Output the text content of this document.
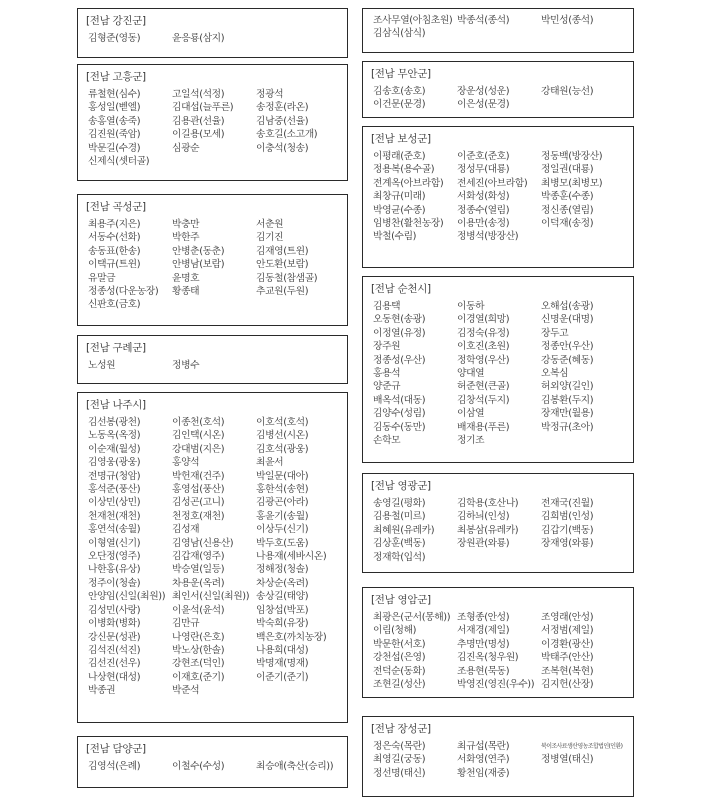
[전남 강진군]
김형준(영동)	윤응룡(삼지)
[전남 고흥군]
류철현(심수)	고일석(석정)	정광석
홍성일(벧엘)	김대섭(늘푸른)	송정훈(라온)
송홍열(송죽)	김용관(선율)	김남중(선율)
김진원(죽암)	이길용(모세)	송호길(소고개)
박문길(수경)	심광순	이충석(청송)
신제식(셋터골)
[전남 곡성군]
최용주(지은)	박충만	서춘원
서동수(선화)	박한주	김기진
송동표(한송)	안병춘(동춘)	김재영(트윈)
이택규(트윈)	안병남(보람)	안도환(보람)
유말금	윤명호	김동철(참샘골)
정종성(다운농장)	황종태	추교원(두원)
신판호(금호)
[전남 구례군]
노성원	정병수
[전남 나주시]
김선봉(광천)	이종천(호석)	이호석(호석)
노동옥(옥정)	김인택(시온)	김병선(시온)
이순재(월성)	강대범(지은)	김호석(광웅)
김영웅(광웅)	홍양석	최윤서
전명규(청암)	박헌재(건주)	박일문(대아)
홍석준(풍산)	홍영섭(풍산)	홍한석(송현)
이상민(상민)	김성곤(고니)	김광곤(아라)
천재천(재천)	천정호(재천)	홍윤기(송월)
홍연석(송월)	김성재	이상두(신기)
이형열(신기)	김영남(신용산)	박두호(도움)
오단정(영주)	김갑재(영주)	나용재(세바시온)
나한홍(유상)	박승열(일등)	정해정(청솔)
정주이(청솔)	차용운(옥려)	차상순(옥려)
안양임(신일(최원)) 최인서(신일(최원)) 송상길(태양)
김성민(사랑)	이윤석(윤석)	임창섭(박포)
이병화(병화)	김만규	박숙희(유장)
강신문(성관)	나영란(은호)	백은호(까치농장)
김석진(석진)	박노상(한솔)	나용희(대성)
김선진(선우)	강현조(덕인)	박명재(명재)
나상현(대성)	이재호(준기)	이준기(준기)
박종권	박준석
[전남 담양군]
김영석(은례)	이철수(수성)	최승애(축산(승리))
조사무열(아침초원) 박종석(종석)	박민성(종석)
김삼식(삼식)
[전남 무안군]
김송호(송호)	장운성(성운)	강태원(능선)
이건문(문경)	이은성(문경)
[전남 보성군]
이평래(준호)	이준호(준호)	정동백(방장산)
정용복(용수골)	정성무(대룡)	정일권(대룡)
전계옥(아브라함)	전세진(아브라함)	최병모(최병모)
최창규(미래)	서화성(화성)	박종훈(수종)
박영균(수종)	정종수(열림)	정신종(열림)
임병찬(활천농장)	이용만(송정)	이덕재(송정)
박철(수림)	정병석(방장산)
[전남 순천시]
김용택	이동하	오해섭(송광)
오동현(송광)	이경열(희망)	신명운(대명)
이정열(유정)	김정숙(유정)	장두고
장주원	이호진(초원)	정종안(우산)
정종성(우산)	정학영(우산)	강동준(혜동)
홍용석	양대열	오복심
양준규	허준현(큰골)	허외양(길인)
배옥석(대동)	김창석(두지)	김봉환(두지)
김양수(성림)	이삼열	장재만(월용)
김동수(동만)	배재용(푸른)	박정규(초아)
손학모	정기조
[전남 영광군]
송영길(평화)	김학용(호산나)	전재국(진월)
김용철(미르)	김하늬(인성)	김희범(인성)
최혜원(유레카)	최봉삼(유레카)	김갑기(백동)
김상훈(백동)	장원관(와룡)	장재영(와룡)
정재학(입석)
[전남 영암군]
최광은(군서(몽해)) 조형종(안성)	조영래(안성)
이림(청해)	서재경(제일)	서정범(제일)
박문한(서호)	추명만(명성)	이경환(광산)
강천섭(은영)	김진옥(청우원)	박태주(안산)
전덕순(동화)	조용현(묵동)	조복현(복현)
조현길(성산)	박영진(영진(우수)) 김지헌(산장)
[전남 장성군]
정은숙(목란)	최규섭(목란)	북이조사료생산영농조합법인(인환)
최영길(궁동)	서화영(연주)	정병열(태신)
정선명(태신)	황천임(재중)
